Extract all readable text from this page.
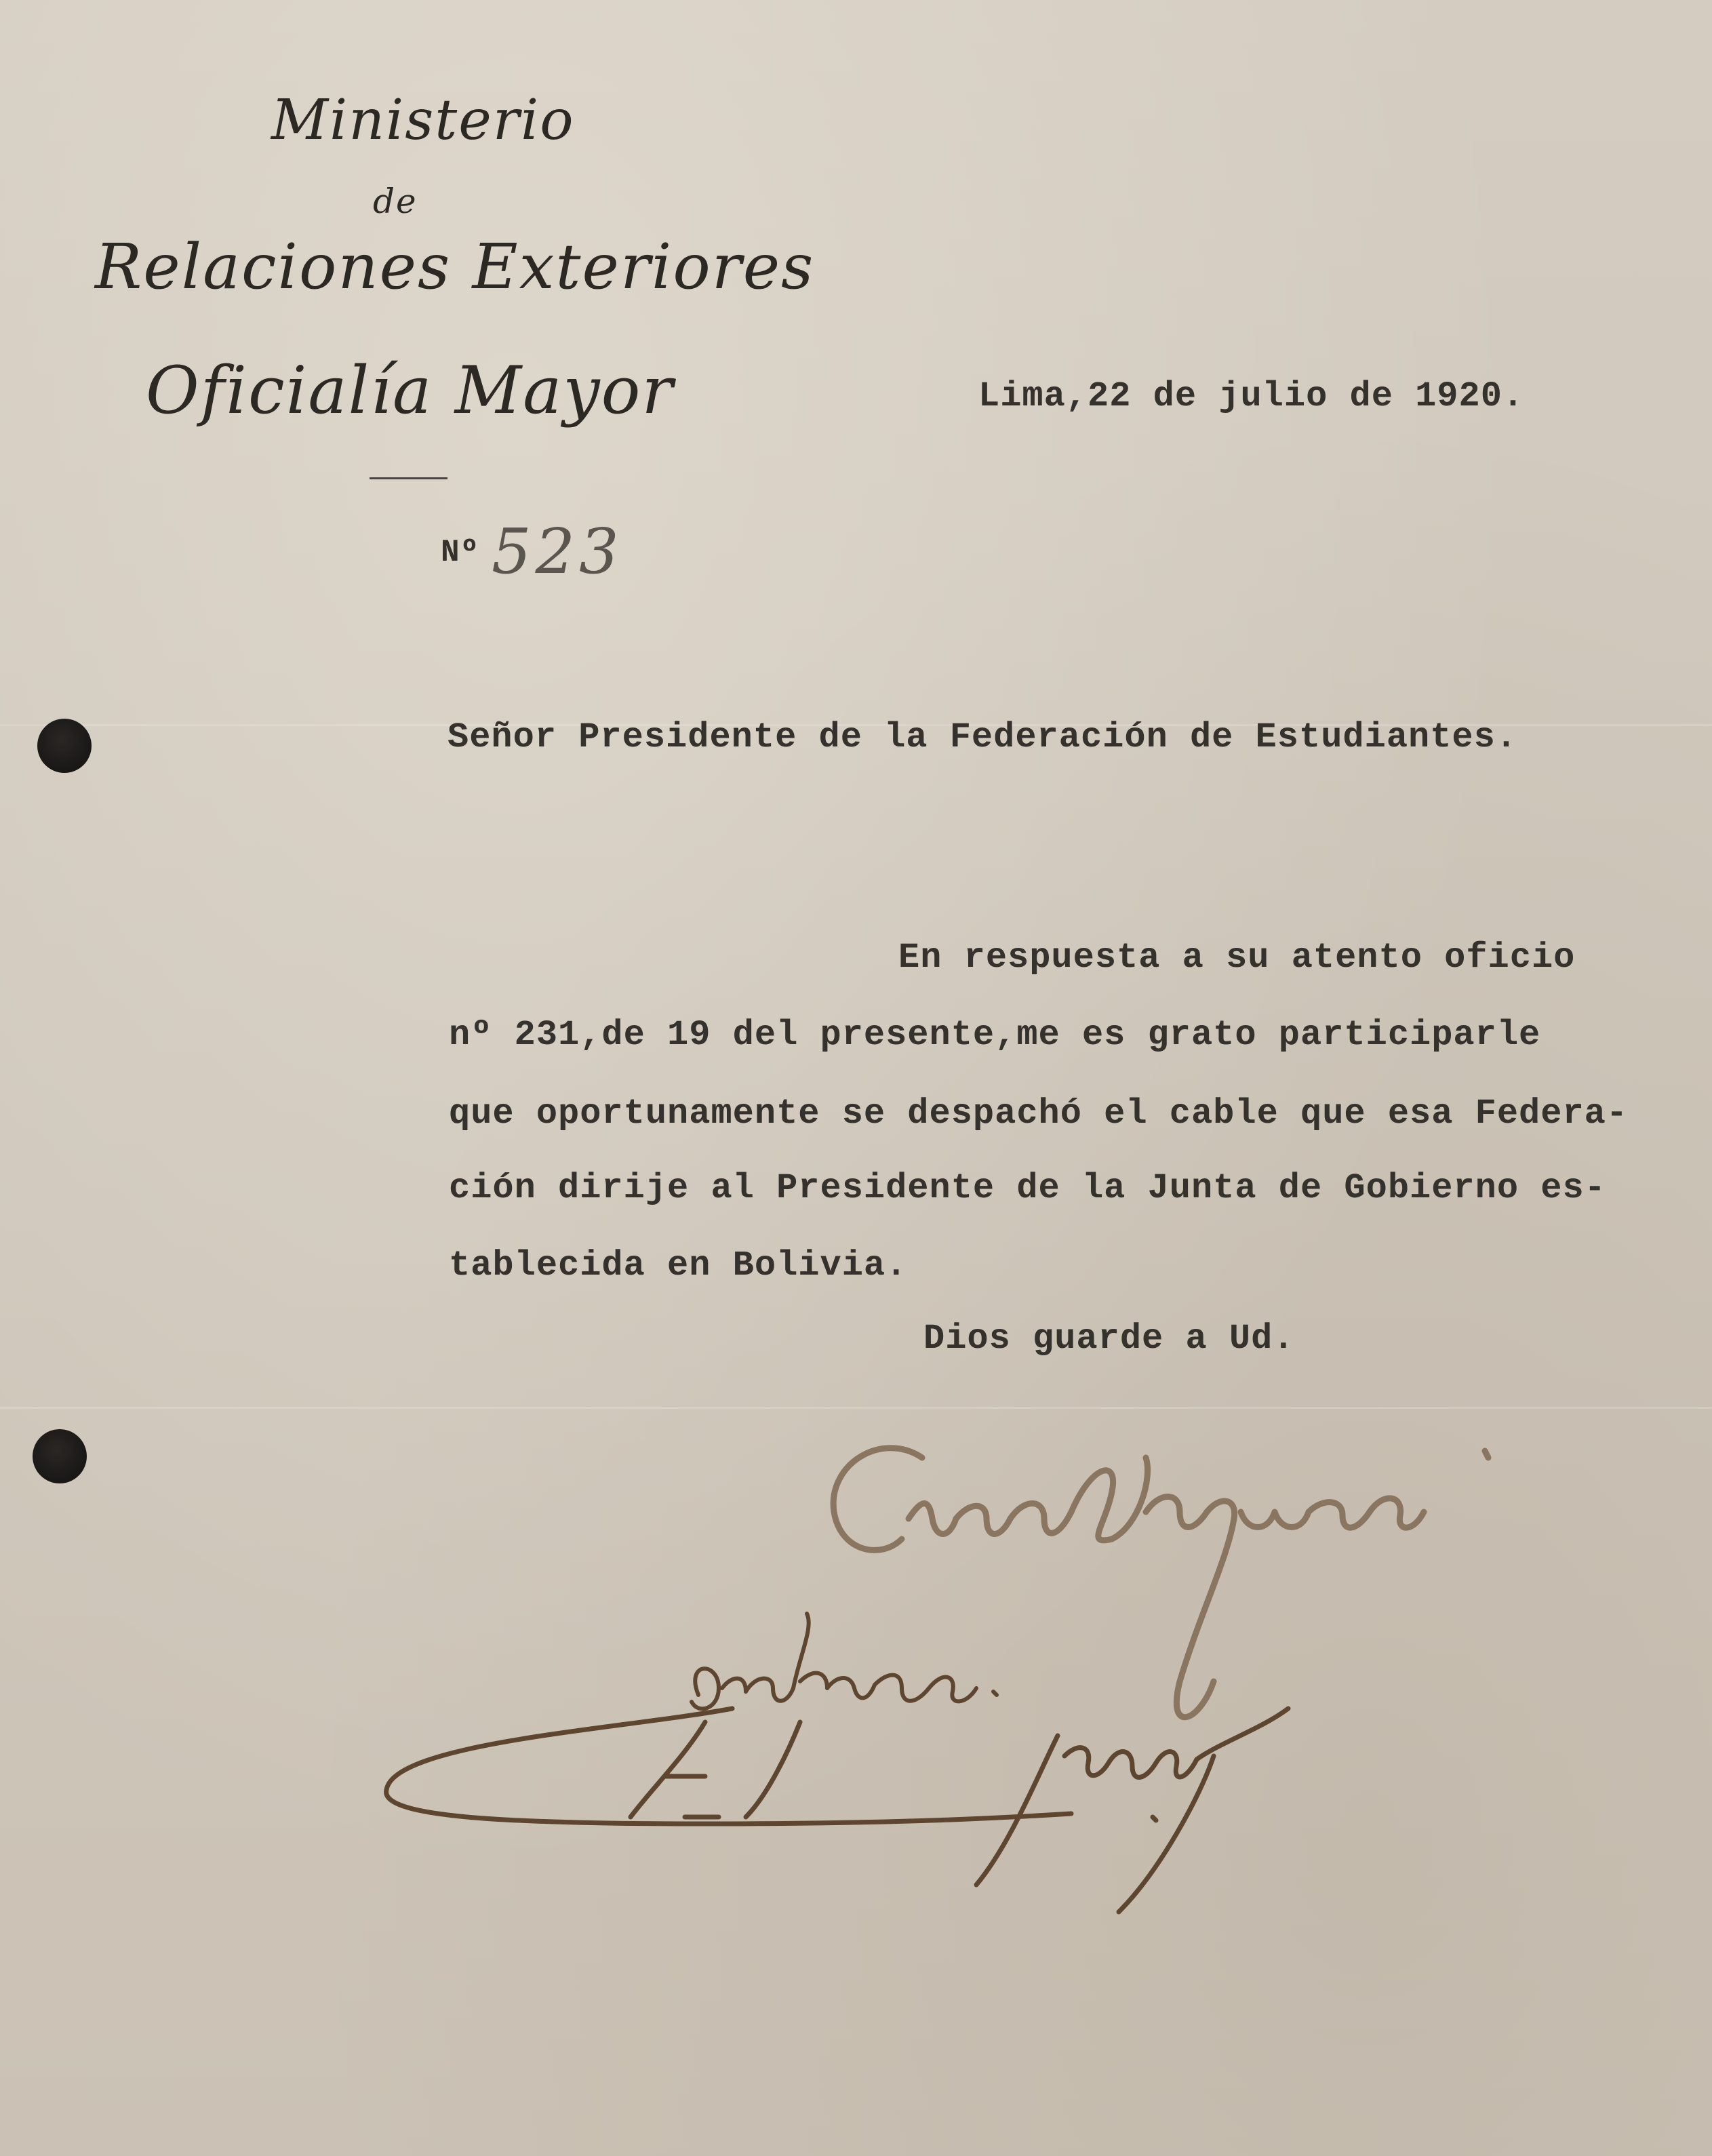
Ministerio
de
Relaciones Exteriores
Oficialía Mayor	Lima,22 de julio de 1920.
Nº 523
Señor Presidente de la Federación de Estudiantes.
En respuesta a su atento oficio
nº 231,de 19 del presente,me es grato participarle
que oportunamente se despachó el cable que esa Federa-
ción dirije al Presidente de la Junta de Gobierno es-
tablecida en Bolivia.
Dios guarde a Ud.
